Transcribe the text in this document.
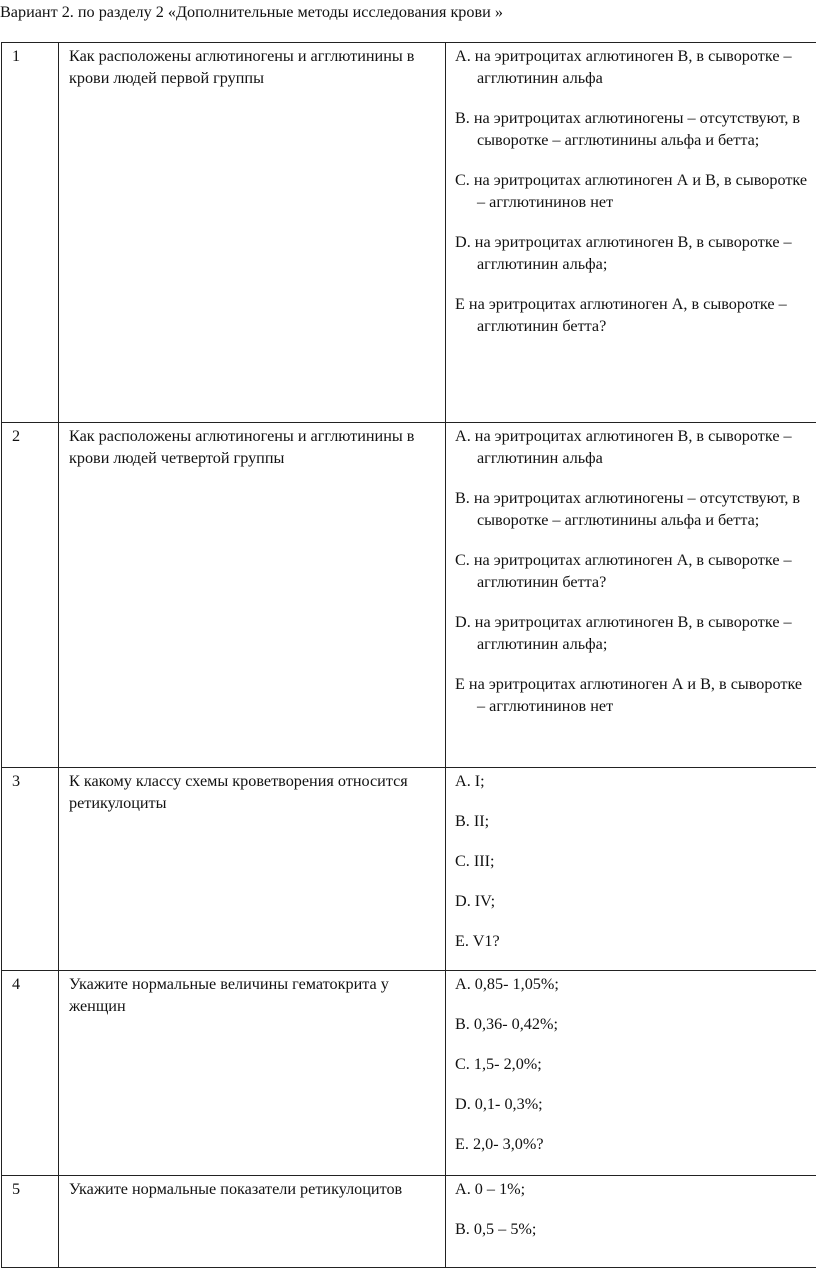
Вариант 2. по разделу 2 «Дополнительные методы исследования крови »
1	Как расположены аглютиногены и агглютинины в крови людей первой группы	A. на эритроцитах аглютиноген В, в сыворотке – агглютинин альфа
B. на эритроцитах аглютиногены – отсутствуют, в сыворотке – агглютинины альфа и бетта;
C. на эритроцитах аглютиноген А и В, в сыворотке – агглютининов нет
D. на эритроцитах аглютиноген В, в сыворотке – агглютинин альфа;
E на эритроцитах аглютиноген А, в сыворотке – агглютинин бетта?

2	Как расположены аглютиногены и агглютинины в крови людей четвертой группы	A. на эритроцитах аглютиноген В, в сыворотке – агглютинин альфа
B. на эритроцитах аглютиногены – отсутствуют, в сыворотке – агглютинины альфа и бетта;
C. на эритроцитах аглютиноген А, в сыворотке – агглютинин бетта?
D. на эритроцитах аглютиноген В, в сыворотке – агглютинин альфа;
E на эритроцитах аглютиноген А и В, в сыворотке – агглютининов нет

3	К какому классу схемы кроветворения относится ретикулоциты	A. I;
B. II;
C. III;
D. IV;
E. V1?

4	Укажите нормальные величины гематокрита у женщин	A. 0,85- 1,05%;
B. 0,36- 0,42%;
C. 1,5- 2,0%;
D. 0,1- 0,3%;
E. 2,0- 3,0%?

5	Укажите нормальные показатели ретикулоцитов	A. 0 – 1%;
B. 0,5 – 5%;
